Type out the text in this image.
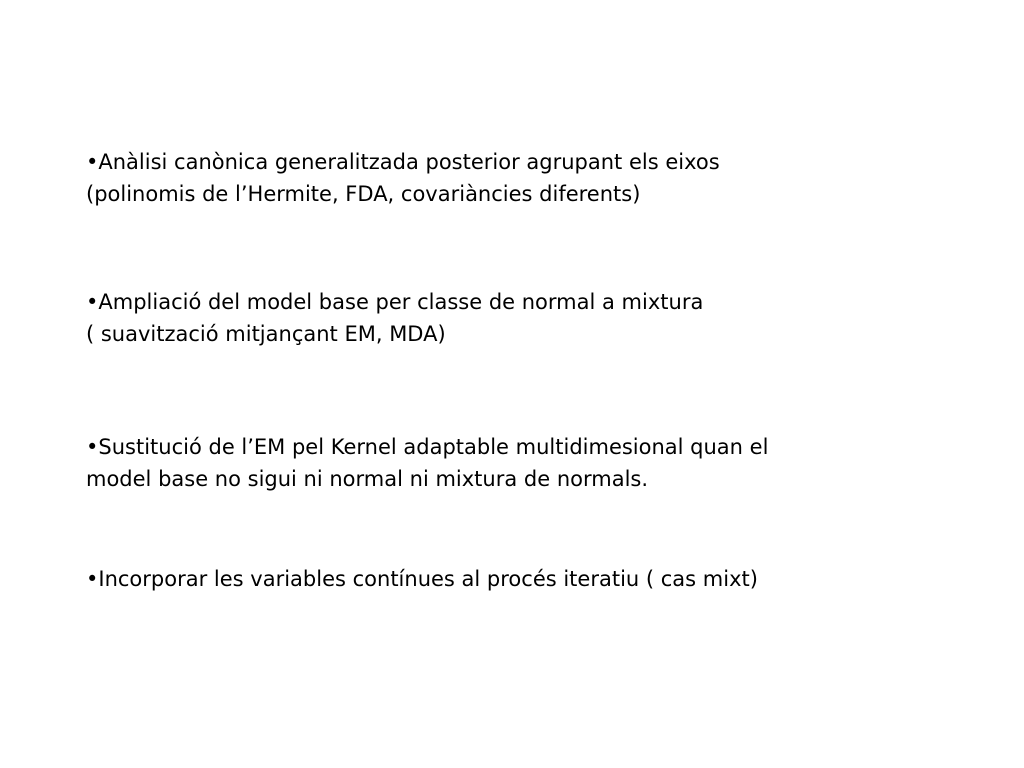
•Anàlisi canònica generalitzada posterior agrupant els eixos
(polinomis de l’Hermite, FDA, covariàncies diferents)
•Ampliació del model base per classe de normal a mixtura
( suavització mitjançant EM, MDA)
•Sustitució de l’EM pel Kernel adaptable multidimesional quan el
model base no sigui ni normal ni mixtura de normals.
•Incorporar les variables contínues al procés iteratiu ( cas mixt)
